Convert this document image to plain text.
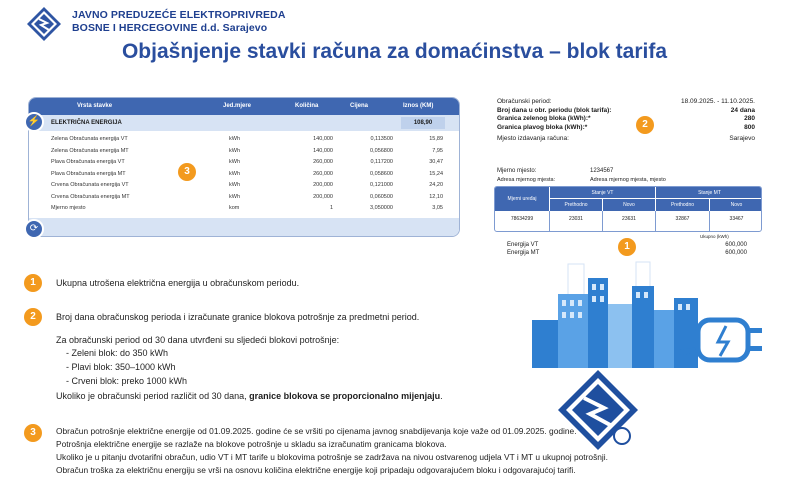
JAVNO PREDUZEĆE ELEKTROPRIVREDA
BOSNE I HERCEGOVINE d.d. Sarajevo
Objašnjenje stavki računa za domaćinstva – blok tarifa
Vrsta stavke	Jed.mjere	Količina	Cijena	Iznos (KM)
ELEKTRIČNA ENERGIJA	108,90
Zelena Obračunata energija VT	kWh	140,000	0,113500	15,89
Zelena Obračunata energija MT	kWh	140,000	0,056800	7,95
Plava Obračunata energija VT	kWh	260,000	0,117200	30,47
Plava Obračunata energija MT	kWh	260,000	0,058600	15,24
Crvena Obračunata energija VT	kWh	200,000	0,121000	24,20
Crvena Obračunata energija MT	kWh	200,000	0,060500	12,10
Mjerno mjesto	kom	1	3,050000	3,05
⚡
⟳
3
Obračunski period:	18.09.2025. - 11.10.2025.
Broj dana u obr. periodu (blok tarifa):	24 dana
Granica zelenog bloka (kWh):*	280
Granica plavog bloka (kWh):*	800
Mjesto izdavanja računa:	Sarajevo
2
Mjerno mjesto:	1234567
Adresa mjernog mjesta:	Adresa mjernog mjesta, mjesto
Mjerni uređaj
Stanje VT	Stanje MT
Prethodno	Novo	Prethodno	Novo
78634299	23031	23631	32867	33467
Ukupno (kWh)
Energija VT	600,000
Energija MT	600,000
1
1	Ukupna utrošena električna energija u obračunskom periodu.
2	Broj dana obračunskog perioda i izračunate granice blokova potrošnje za predmetni period.
Za obračunski period od 30 dana utvrđeni su sljedeći blokovi potrošnje:
- Zeleni blok: do 350 kWh
- Plavi blok: 350–1000 kWh
- Crveni blok: preko 1000 kWh
Ukoliko je obračunski period različit od 30 dana, granice blokova se proporcionalno mijenjaju.
3	Obračun potrošnje električne energije od 01.09.2025. godine će se vršiti po cijenama javnog snabdijevanja koje važe od 01.09.2025. godine.
Potrošnja električne energije se razlaže na blokove potrošnje u skladu sa izračunatim granicama blokova.
Ukoliko je u pitanju dvotarifni obračun, udio VT i MT tarife u blokovima potrošnje se zadržava na nivou ostvarenog udjela VT i MT u ukupnoj potrošnji.
Obračun troška za električnu energiju se vrši na osnovu količina električne energije koji pripadaju odgovarajućem bloku i odgovarajućoj tarifi.
